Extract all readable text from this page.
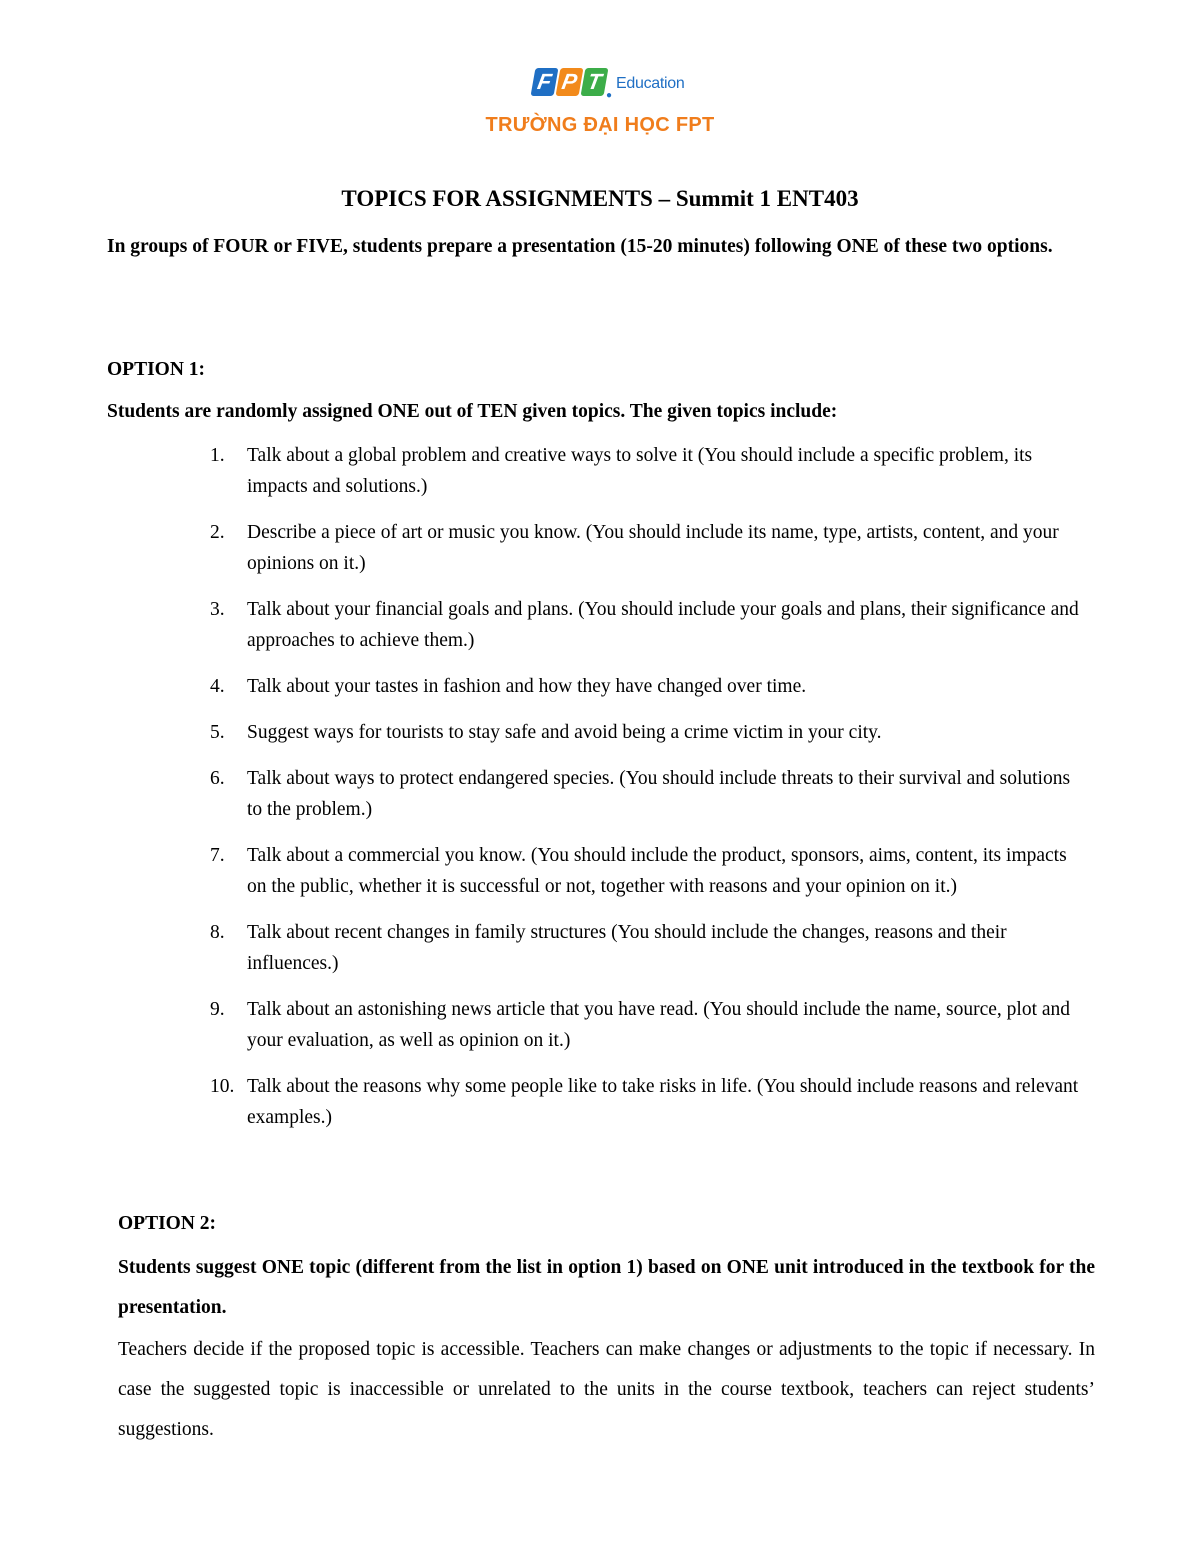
F P T
●
Education
TRƯỜNG ĐẠI HỌC FPT
TOPICS FOR ASSIGNMENTS – Summit 1 ENT403
In groups of FOUR or FIVE, students prepare a presentation (15-20 minutes) following ONE of these two options.
OPTION 1:
Students are randomly assigned ONE out of TEN given topics. The given topics include:
1. Talk about a global problem and creative ways to solve it (You should include a specific problem, its impacts and solutions.)
2. Describe a piece of art or music you know. (You should include its name, type, artists, content, and your opinions on it.)
3. Talk about your financial goals and plans. (You should include your goals and plans, their significance and approaches to achieve them.)
4. Talk about your tastes in fashion and how they have changed over time.
5. Suggest ways for tourists to stay safe and avoid being a crime victim in your city.
6. Talk about ways to protect endangered species. (You should include threats to their survival and solutions to the problem.)
7. Talk about a commercial you know. (You should include the product, sponsors, aims, content, its impacts on the public, whether it is successful or not, together with reasons and your opinion on it.)
8. Talk about recent changes in family structures (You should include the changes, reasons and their influences.)
9. Talk about an astonishing news article that you have read. (You should include the name, source, plot and your evaluation, as well as opinion on it.)
10. Talk about the reasons why some people like to take risks in life. (You should include reasons and relevant examples.)
OPTION 2:
Students suggest ONE topic (different from the list in option 1) based on ONE unit introduced in the textbook for the presentation.
Teachers decide if the proposed topic is accessible. Teachers can make changes or adjustments to the topic if necessary. In case the suggested topic is inaccessible or unrelated to the units in the course textbook, teachers can reject students’ suggestions.
